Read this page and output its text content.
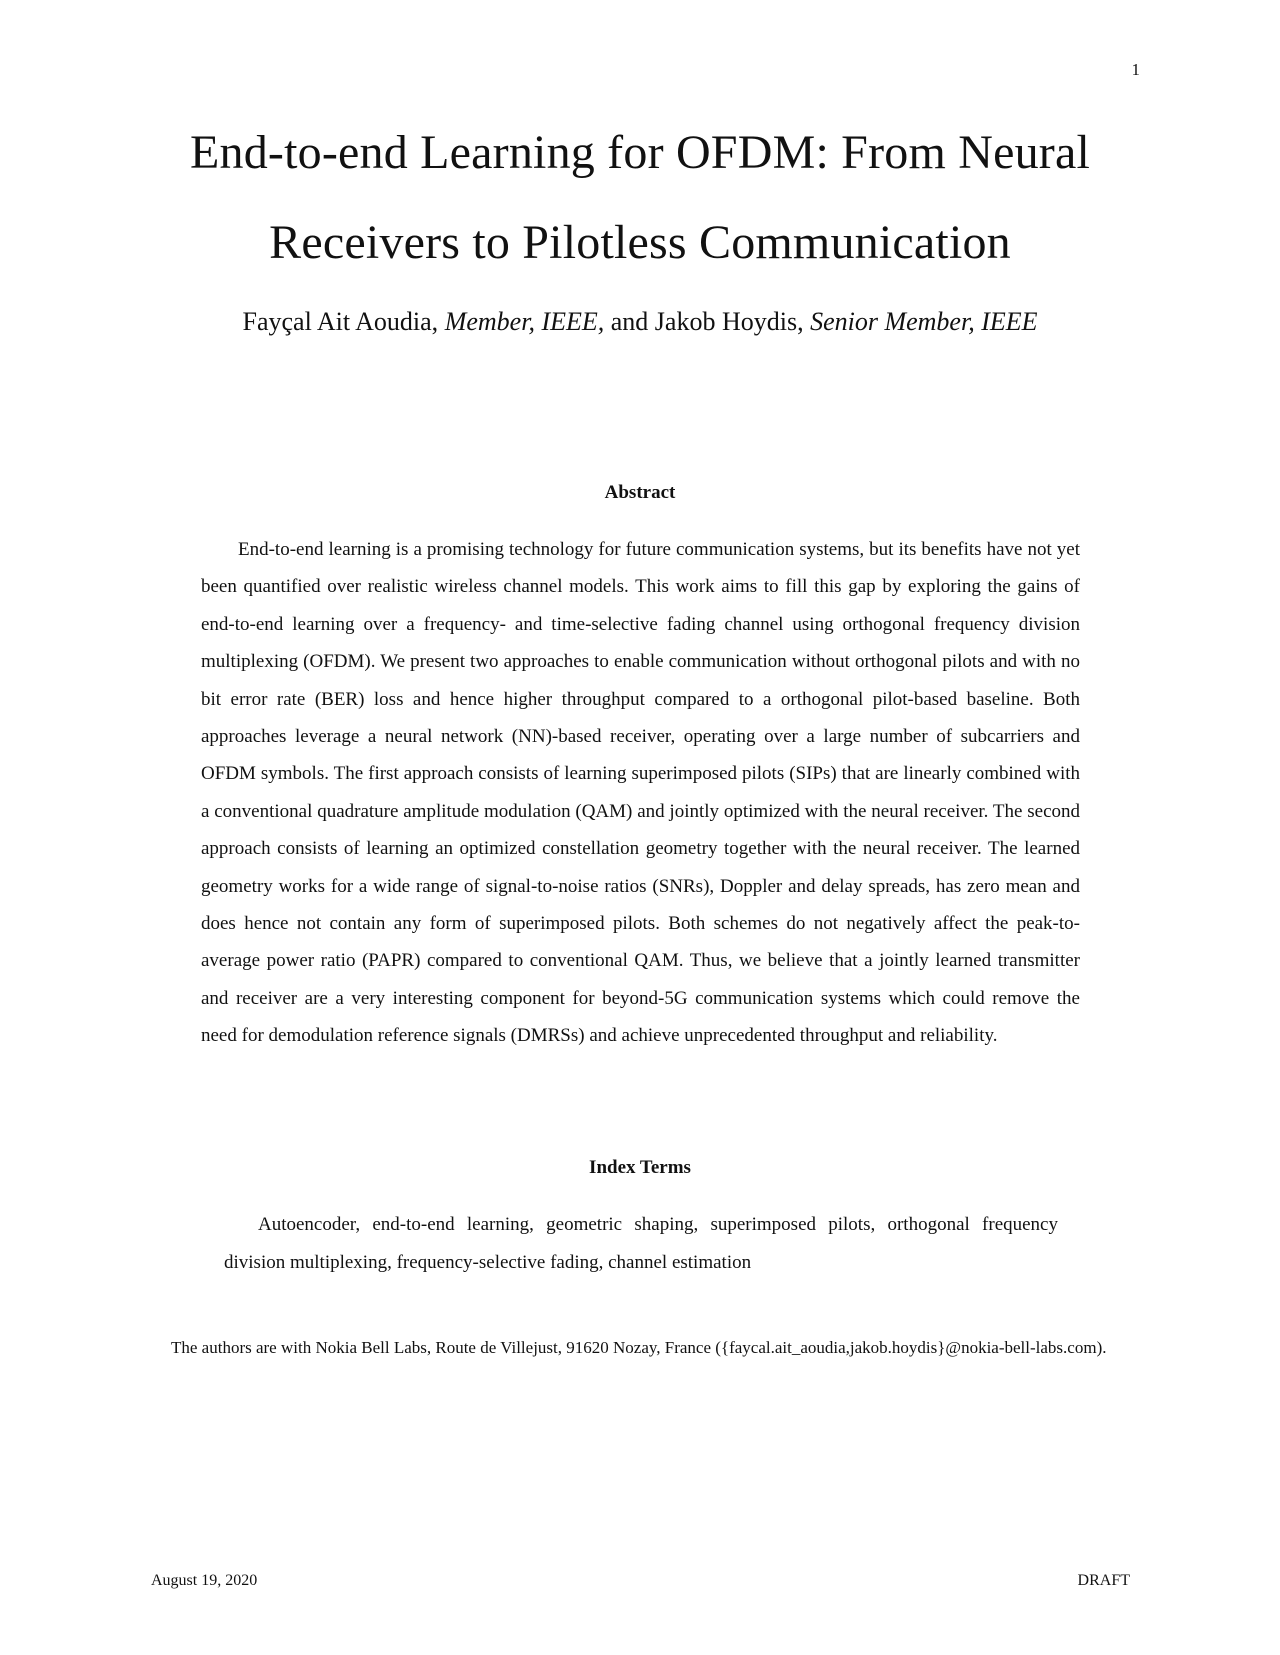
1
End-to-end Learning for OFDM: From Neural
Receivers to Pilotless Communication
Fayçal Ait Aoudia, Member, IEEE, and Jakob Hoydis, Senior Member, IEEE
Abstract

End-to-end learning is a promising technology for future communication systems, but its benefits have not yet been quantified over realistic wireless channel models. This work aims to fill this gap by exploring the gains of end-to-end learning over a frequency- and time-selective fading channel using orthogonal frequency division multiplexing (OFDM). We present two approaches to enable communication without orthogonal pilots and with no bit error rate (BER) loss and hence higher throughput compared to a orthogonal pilot-based baseline. Both approaches leverage a neural network (NN)-based receiver, operating over a large number of subcarriers and OFDM symbols. The first approach consists of learning superimposed pilots (SIPs) that are linearly combined with a conventional quadrature amplitude modulation (QAM) and jointly optimized with the neural receiver. The second approach consists of learning an optimized constellation geometry together with the neural receiver. The learned geometry works for a wide range of signal-to-noise ratios (SNRs), Doppler and delay spreads, has zero mean and does hence not contain any form of superimposed pilots. Both schemes do not negatively affect the peak-to-average power ratio (PAPR) compared to conventional QAM. Thus, we believe that a jointly learned transmitter and receiver are a very interesting component for beyond-5G communication systems which could remove the need for demodulation reference signals (DMRSs) and achieve unprecedented throughput and reliability.

Index Terms

Autoencoder, end-to-end learning, geometric shaping, superimposed pilots, orthogonal frequency division multiplexing, frequency-selective fading, channel estimation

The authors are with Nokia Bell Labs, Route de Villejust, 91620 Nozay, France ({faycal.ait_aoudia,jakob.hoydis}@nokia-bell-labs.com).

August 19, 2020	DRAFT
